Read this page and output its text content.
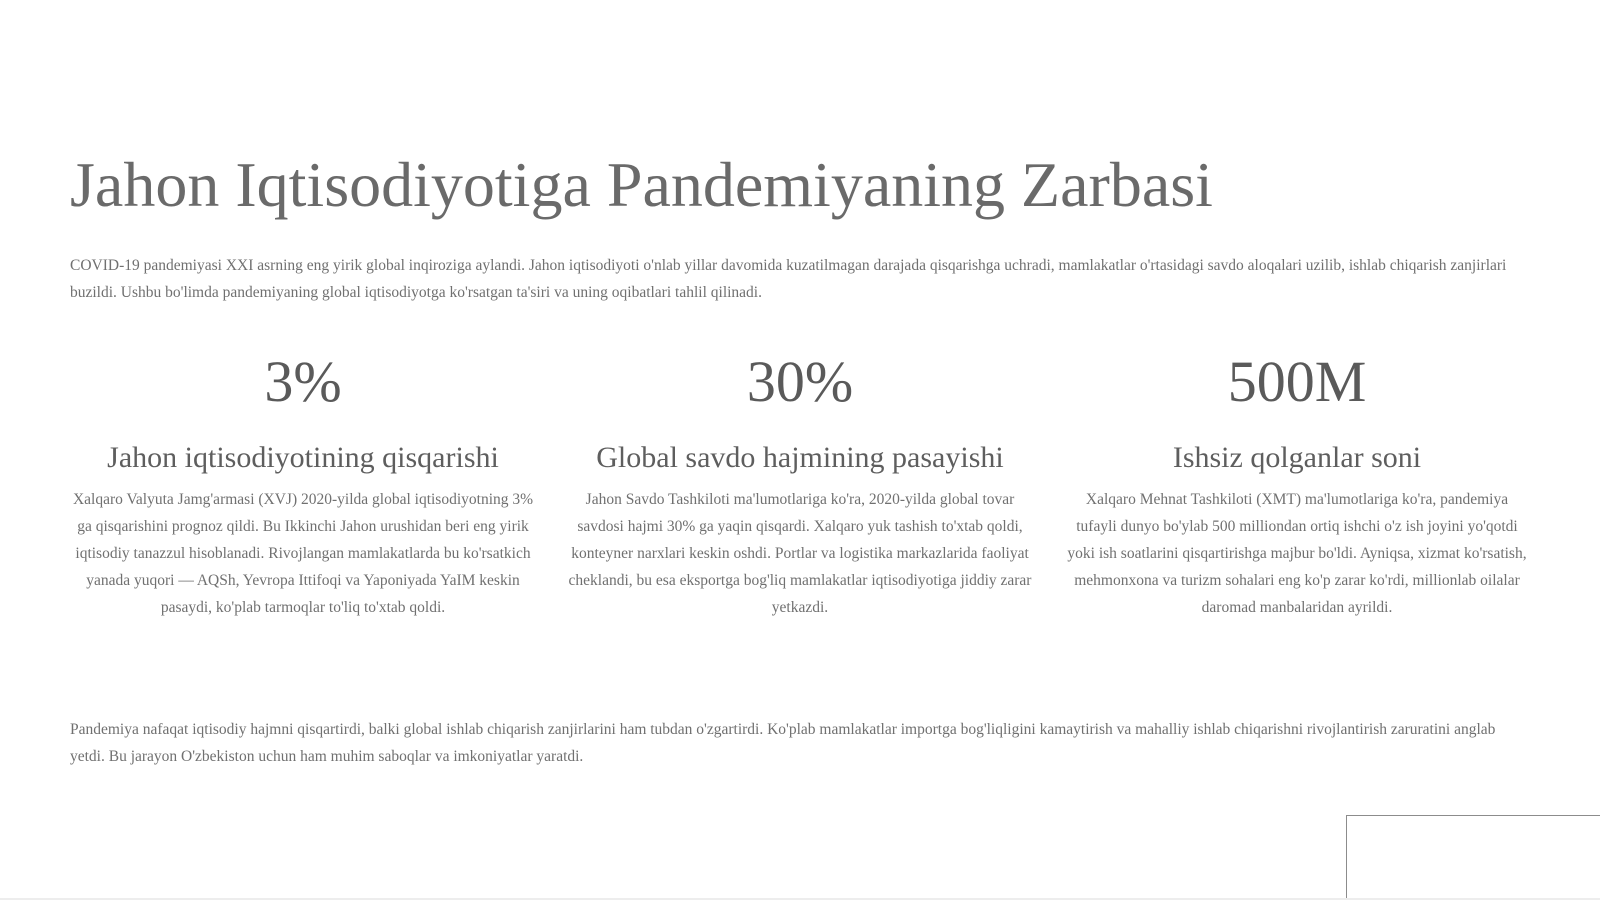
Jahon Iqtisodiyotiga Pandemiyaning Zarbasi

COVID-19 pandemiyasi XXI asrning eng yirik global inqiroziga aylandi. Jahon iqtisodiyoti o'nlab yillar davomida kuzatilmagan darajada qisqarishga uchradi, mamlakatlar o'rtasidagi savdo aloqalari uzilib, ishlab chiqarish zanjirlari buzildi. Ushbu bo'limda pandemiyaning global iqtisodiyotga ko'rsatgan ta'siri va uning oqibatlari tahlil qilinadi.

3%
Jahon iqtisodiyotining qisqarishi

Xalqaro Valyuta Jamg'armasi (XVJ) 2020-yilda global iqtisodiyotning 3% ga qisqarishini prognoz qildi. Bu Ikkinchi Jahon urushidan beri eng yirik iqtisodiy tanazzul hisoblanadi. Rivojlangan mamlakatlarda bu ko'rsatkich yanada yuqori — AQSh, Yevropa Ittifoqi va Yaponiyada YaIM keskin pasaydi, ko'plab tarmoqlar to'liq to'xtab qoldi.

30%
Global savdo hajmining pasayishi

Jahon Savdo Tashkiloti ma'lumotlariga ko'ra, 2020-yilda global tovar savdosi hajmi 30% ga yaqin qisqardi. Xalqaro yuk tashish to'xtab qoldi, konteyner narxlari keskin oshdi. Portlar va logistika markazlarida faoliyat cheklandi, bu esa eksportga bog'liq mamlakatlar iqtisodiyotiga jiddiy zarar yetkazdi.

500M
Ishsiz qolganlar soni

Xalqaro Mehnat Tashkiloti (XMT) ma'lumotlariga ko'ra, pandemiya tufayli dunyo bo'ylab 500 milliondan ortiq ishchi o'z ish joyini yo'qotdi yoki ish soatlarini qisqartirishga majbur bo'ldi. Ayniqsa, xizmat ko'rsatish, mehmonxona va turizm sohalari eng ko'p zarar ko'rdi, millionlab oilalar daromad manbalaridan ayrildi.

Pandemiya nafaqat iqtisodiy hajmni qisqartirdi, balki global ishlab chiqarish zanjirlarini ham tubdan o'zgartirdi. Ko'plab mamlakatlar importga bog'liqligini kamaytirish va mahalliy ishlab chiqarishni rivojlantirish zaruratini anglab yetdi. Bu jarayon O'zbekiston uchun ham muhim saboqlar va imkoniyatlar yaratdi.
